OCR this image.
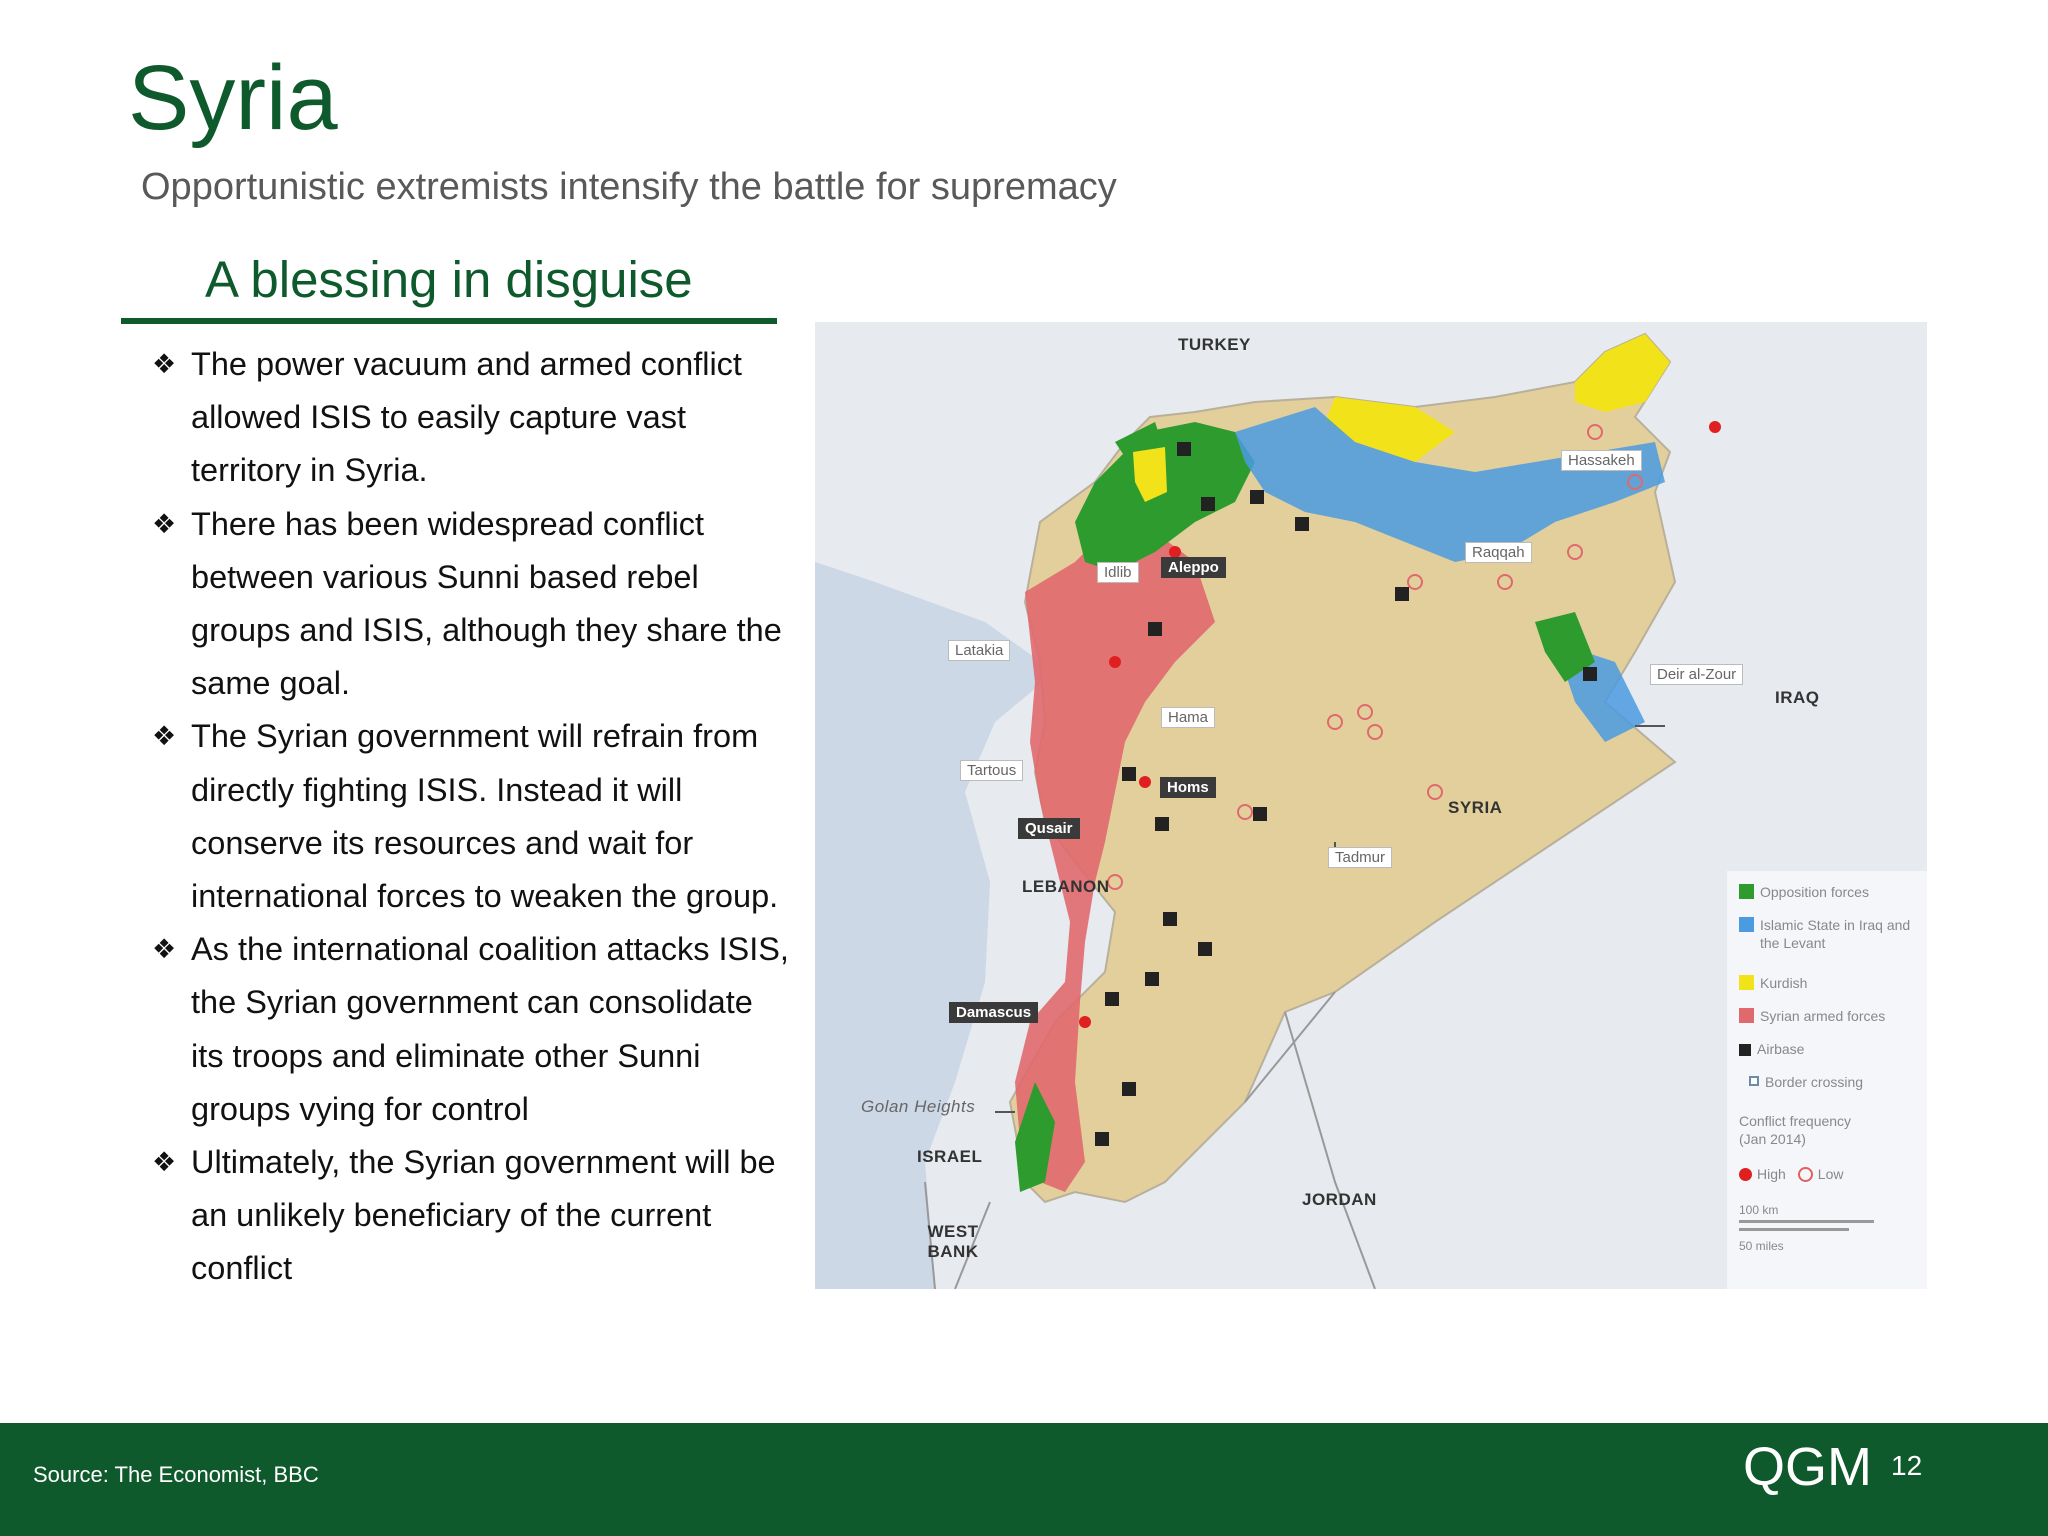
Syria
Opportunistic extremists intensify the battle for supremacy
A blessing in disguise
❖ The power vacuum and armed conflict allowed ISIS to easily capture vast territory in Syria.
❖ There has been widespread conflict between various Sunni based rebel groups and ISIS, although they share the same goal.
❖ The Syrian government will refrain from directly fighting ISIS. Instead it will conserve its resources and wait for international forces to weaken the group.
❖ As the international coalition attacks ISIS, the Syrian government can consolidate its troops and eliminate other Sunni groups vying for control
❖ Ultimately, the Syrian government will be an unlikely beneficiary of the current conflict
TURKEY
IRAQ
SYRIA
LEBANON
ISRAEL
JORDAN
WEST BANK
Aleppo
Idlib
Latakia
Hama
Tartous
Homs
Qusair
Damascus
Golan Heights
Raqqah
Hassakeh
Deir al-Zour
Tadmur
Opposition forces
Islamic State in Iraq and the Levant
Kurdish
Syrian armed forces
Airbase
Border crossing
Conflict frequency (Jan 2014)
High Low
100 km
50 miles
Source: The Economist, BBC	QGM 12
